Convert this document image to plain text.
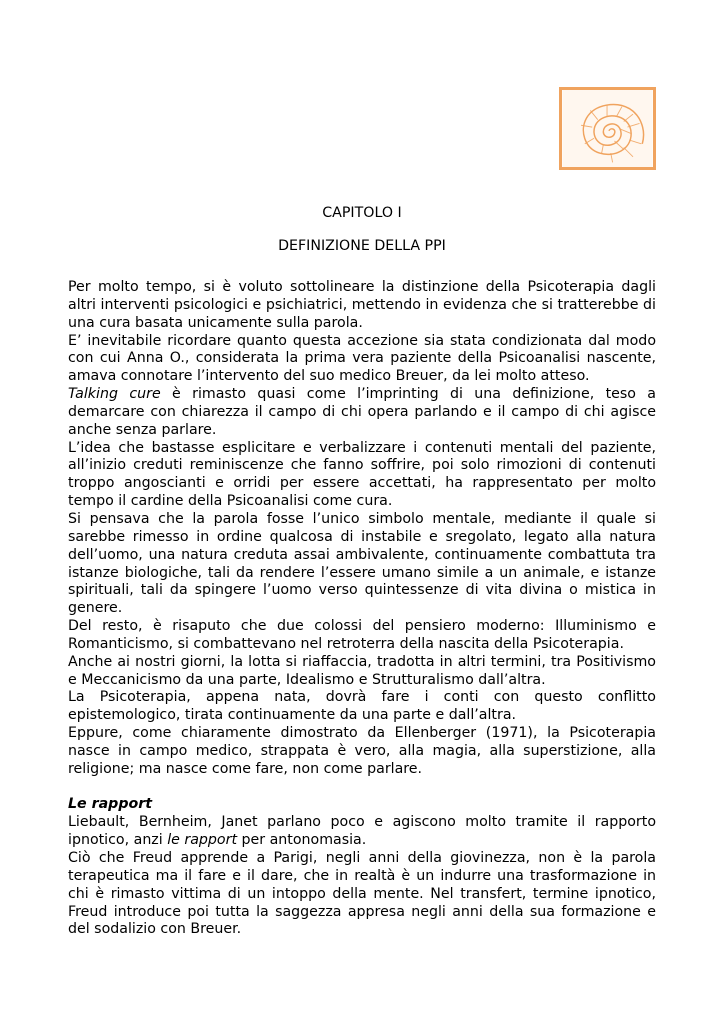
CAPITOLO I
DEFINIZIONE DELLA PPI

Per molto tempo, si è voluto sottolineare la distinzione della Psicoterapia dagli altri interventi psicologici e psichiatrici, mettendo in evidenza che si tratterebbe di una cura basata unicamente sulla parola.

E’ inevitabile ricordare quanto questa accezione sia stata condizionata dal modo con cui Anna O., considerata la prima vera paziente della Psicoanalisi nascente, amava connotare l’intervento del suo medico Breuer, da lei molto atteso.

Talking cure è rimasto quasi come l’imprinting di una definizione, teso a demarcare con chiarezza il campo di chi opera parlando e il campo di chi agisce anche senza parlare.

L’idea che bastasse esplicitare e verbalizzare i contenuti mentali del paziente, all’inizio creduti reminiscenze che fanno soffrire, poi solo rimozioni di contenuti troppo angoscianti e orridi per essere accettati, ha rappresentato per molto tempo il cardine della Psicoanalisi come cura.

Si pensava che la parola fosse l’unico simbolo mentale, mediante il quale si sarebbe rimesso in ordine qualcosa di instabile e sregolato, legato alla natura dell’uomo, una natura creduta assai ambivalente, continuamente combattuta tra istanze biologiche, tali da rendere l’essere umano simile a un animale, e istanze spirituali, tali da spingere l’uomo verso quintessenze di vita divina o mistica in genere.

Del resto, è risaputo che due colossi del pensiero moderno: Illuminismo e Romanticismo, si combattevano nel retroterra della nascita della Psicoterapia.

Anche ai nostri giorni, la lotta si riaffaccia, tradotta in altri termini, tra Positivismo e Meccanicismo da una parte, Idealismo e Strutturalismo dall’altra.

La Psicoterapia, appena nata, dovrà fare i conti con questo conflitto epistemologico, tirata continuamente da una parte e dall’altra.

Eppure, come chiaramente dimostrato da Ellenberger (1971), la Psicoterapia nasce in campo medico, strappata è vero, alla magia, alla superstizione, alla religione; ma nasce come fare, non come parlare.

Le rapport

Liebault, Bernheim, Janet parlano poco e agiscono molto tramite il rapporto ipnotico, anzi le rapport per antonomasia.

Ciò che Freud apprende a Parigi, negli anni della giovinezza, non è la parola terapeutica ma il fare e il dare, che in realtà è un indurre una trasformazione in chi è rimasto vittima di un intoppo della mente. Nel transfert, termine ipnotico, Freud introduce poi tutta la saggezza appresa negli anni della sua formazione e del sodalizio con Breuer.
